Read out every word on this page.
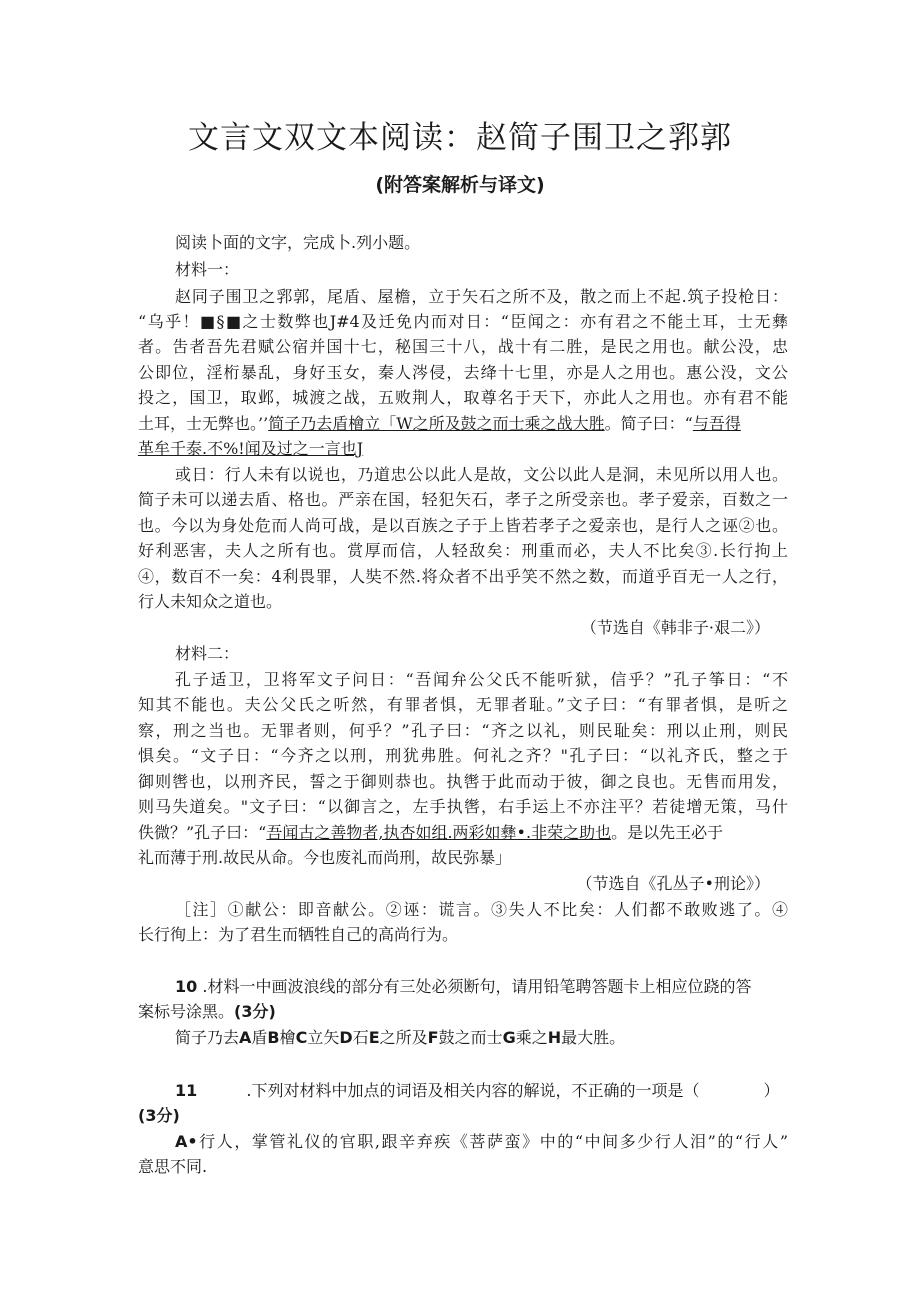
文言文双文本阅读：赵简子围卫之郛郭
(附答案解析与译文)
阅读卜面的文字，完成卜.列小题。
材料一：
赵同子围卫之郛郭，尾盾、屋檐，立于矢石之所不及，散之而上不起.筑子投枪日：
“乌乎！■§■之士数弊也J#4及迁免内而对日：“臣闻之：亦有君之不能土耳，士无彝
者。吿者吾先君赋公宿并国十七，秘国三十八，战十有二胜，是民之用也。献公没，忠
公即位，淫桁暴乱，身好玉女，秦人涔侵，去绛十七里，亦是人之用也。惠公没，文公
投之，国卫，取邺，城渡之战，五败荆人，取尊名于天下，亦此人之用也。亦有君不能
土耳，士无弊也。’’简子乃去盾檜立「W之所及鼓之而士乘之战大胜。简子曰：“与吾得
革牟千泰.不%!闻及过之一言也J
或日：行人未有以说也，乃道忠公以此人是故，文公以此人是洞，未见所以用人也。
简子未可以递去盾、格也。严亲在国，轻犯矢石，孝子之所受亲也。孝子爱亲，百数之一
也。今以为身处危而人尚可战，是以百族之子于上皆若孝子之爱亲也，是行人之诬②也。
好利恶害，夫人之所有也。赏厚而信，人轻敌矣：刑重而必，夫人不比矣③.长行拘上
④，数百不一矣：4利畏罪，人奘不然.将众者不出乎笑不然之数，而道乎百无一人之行，
行人未知众之道也。
（节选自《韩非子·艰二》）
材料二：
孔子适卫，卫将军文子问日：“吾闻弁公父氏不能听狱，信乎？”孔子筝日：“不
知其不能也。夫公父氏之听然，有罪者惧，无罪者耻。”文子曰：“有罪者惧，是听之
察，刑之当也。无罪者则，何乎？”孔子曰：“齐之以礼，则民耻矣：刑以止刑，则民
惧矣。“文子日：“今齐之以刑，刑犹弗胜。何礼之齐？"孔子曰：“以礼齐氏，整之于
御则辔也，以刑齐民，誓之于御则恭也。执辔于此而动于彼，御之良也。无售而用发，
则马失道矣。"文子曰：“以御言之，左手执辔，右手运上不亦注平？若徒增无策，马什
佚微？”孔子曰：“吾闻古之善物者,执杏如组.两彩如彝•.非荣之助也。是以先王必于
礼而薄于刑.故民从命。今也废礼而尚刑，故民弥暴」
（节选自《孔丛子•刑论》）
［注］①献公：即音献公。②诬：谎言。③失人不比矣：人们都不敢败逃了。④
长行徇上：为了君生而牺牲自己的高尚行为。
10 .材料一中画波浪线的部分有三处必须断句，请用铅笔聘答题卡上相应位跷的答
案标号涂黑。(3分)
简子乃去A盾B檜C立矢D石E之所及F鼓之而士G乘之H最大胜。
11	.下列对材料中加点的词语及相关内容的解说，不正确的一项是（	）
(3分)
A•行人，掌管礼仪的官职,跟辛弃疾《菩萨蛮》中的“中间多少行人泪”的“行人”
意思不同.
